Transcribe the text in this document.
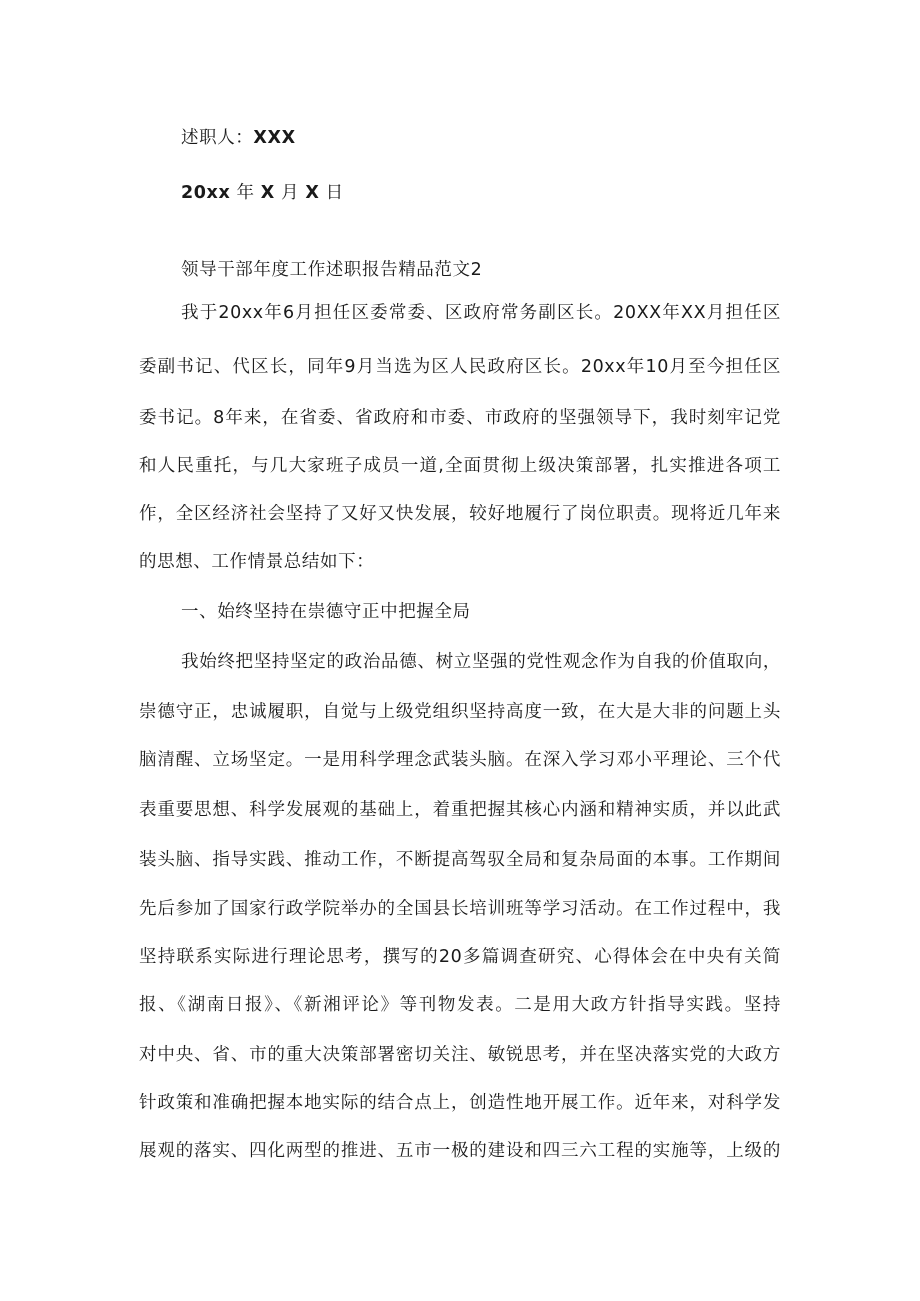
述职人：XXX
20xx 年 X 月 X 日
领导干部年度工作述职报告精品范文2
我于20xx年6月担任区委常委、区政府常务副区长。20XX年XX月担任区
委副书记、代区长，同年9月当选为区人民政府区长。20xx年10月至今担任区
委书记。8年来，在省委、省政府和市委、市政府的坚强领导下，我时刻牢记党
和人民重托，与几大家班子成员一道,全面贯彻上级决策部署，扎实推进各项工
作，全区经济社会坚持了又好又快发展，较好地履行了岗位职责。现将近几年来
的思想、工作情景总结如下：
一、始终坚持在崇德守正中把握全局
我始终把坚持坚定的政治品德、树立坚强的党性观念作为自我的价值取向，
崇德守正，忠诚履职，自觉与上级党组织坚持高度一致，在大是大非的问题上头
脑清醒、立场坚定。一是用科学理念武装头脑。在深入学习邓小平理论、三个代
表重要思想、科学发展观的基础上，着重把握其核心内涵和精神实质，并以此武
装头脑、指导实践、推动工作，不断提高驾驭全局和复杂局面的本事。工作期间
先后参加了国家行政学院举办的全国县长培训班等学习活动。在工作过程中，我
坚持联系实际进行理论思考，撰写的20多篇调查研究、心得体会在中央有关简
报、《湖南日报》、《新湘评论》等刊物发表。二是用大政方针指导实践。坚持
对中央、省、市的重大决策部署密切关注、敏锐思考，并在坚决落实党的大政方
针政策和准确把握本地实际的结合点上，创造性地开展工作。近年来，对科学发
展观的落实、四化两型的推进、五市一极的建设和四三六工程的实施等，上级的
